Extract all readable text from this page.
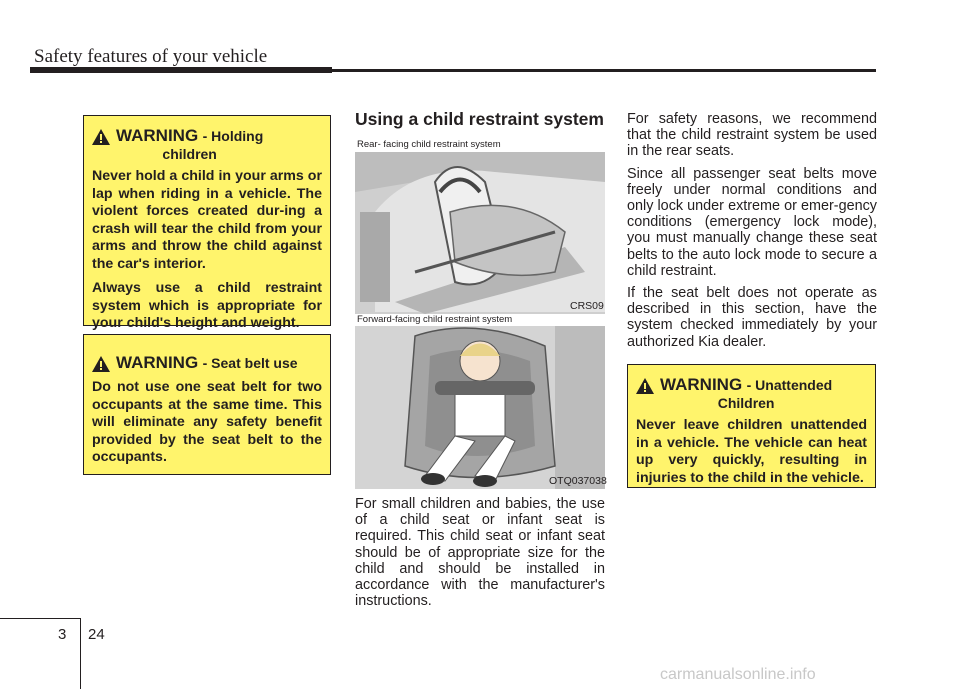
Safety features of your vehicle
WARNING - Holding
children

Never hold a child in your arms or lap when riding in a vehicle. The violent forces created dur-ing a crash will tear the child from your arms and throw the child against the car's interior.

Always use a child restraint system which is appropriate for your child's height and weight.

WARNING - Seat belt use

Do not use one seat belt for two occupants at the same time. This will eliminate any safety benefit provided by the seat belt to the occupants.

Using a child restraint system
Rear- facing child restraint system
CRS09
Forward-facing child restraint system
OTQ037038

For small children and babies, the use of a child seat or infant seat is required. This child seat or infant seat should be of appropriate size for the child and should be installed in accordance with the manufacturer's instructions.

For safety reasons, we recommend that the child restraint system be used in the rear seats.

Since all passenger seat belts move freely under normal conditions and only lock under extreme or emer-gency conditions (emergency lock mode), you must manually change these seat belts to the auto lock mode to secure a child restraint.

If the seat belt does not operate as described in this section, have the system checked immediately by your authorized Kia dealer.

WARNING - Unattended
Children

Never leave children unattended in a vehicle. The vehicle can heat up very quickly, resulting in injuries to the child in the vehicle.

3 24
carmanualsonline.info
